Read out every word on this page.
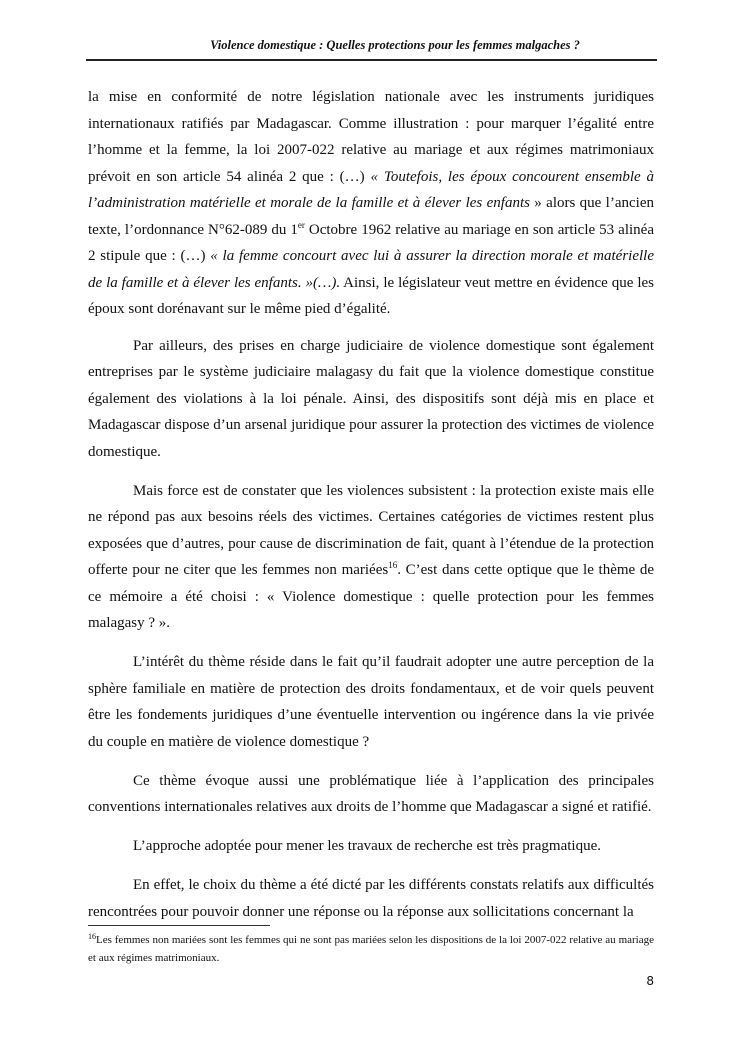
Violence domestique : Quelles protections pour les femmes malgaches ?

la mise en conformité de notre législation nationale avec les instruments juridiques internationaux ratifiés par Madagascar. Comme illustration : pour marquer l’égalité entre l’homme et la femme, la loi 2007-022 relative au mariage et aux régimes matrimoniaux prévoit en son article 54 alinéa 2 que : (…) « Toutefois, les époux concourent ensemble à l’administration matérielle et morale de la famille et à élever les enfants » alors que l’ancien texte, l’ordonnance N°62-089 du 1er Octobre 1962 relative au mariage en son article 53 alinéa 2 stipule que : (…) « la femme concourt avec lui à assurer la direction morale et matérielle de la famille et à élever les enfants. »(…). Ainsi, le législateur veut mettre en évidence que les époux sont dorénavant sur le même pied d’égalité.

Par ailleurs, des prises en charge judiciaire de violence domestique sont également entreprises par le système judiciaire malagasy du fait que la violence domestique constitue également des violations à la loi pénale. Ainsi, des dispositifs sont déjà mis en place et Madagascar dispose d’un arsenal juridique pour assurer la protection des victimes de violence domestique.

Mais force est de constater que les violences subsistent : la protection existe mais elle ne répond pas aux besoins réels des victimes. Certaines catégories de victimes restent plus exposées que d’autres, pour cause de discrimination de fait, quant à l’étendue de la protection offerte pour ne citer que les femmes non mariées$^{16}$. C’est dans cette optique que le thème de ce mémoire a été choisi : « Violence domestique : quelle protection pour les femmes malagasy ? ».

L’intérêt du thème réside dans le fait qu’il faudrait adopter une autre perception de la sphère familiale en matière de protection des droits fondamentaux, et de voir quels peuvent être les fondements juridiques d’une éventuelle intervention ou ingérence dans la vie privée du couple en matière de violence domestique ?

Ce thème évoque aussi une problématique liée à l’application des principales conventions internationales relatives aux droits de l’homme que Madagascar a signé et ratifié.

L’approche adoptée pour mener les travaux de recherche est très pragmatique.

En effet, le choix du thème a été dicté par les différents constats relatifs aux difficultés rencontrées pour pouvoir donner une réponse ou la réponse aux sollicitations concernant la

$^{16}$Les femmes non mariées sont les femmes qui ne sont pas mariées selon les dispositions de la loi 2007-022 relative au mariage et aux régimes matrimoniaux.
8
